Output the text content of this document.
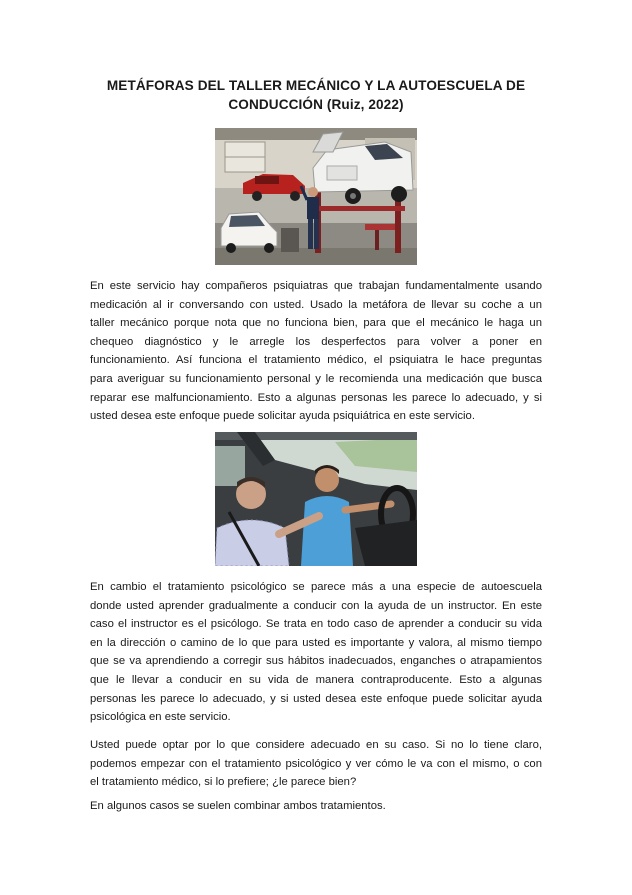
METÁFORAS DEL TALLER MECÁNICO Y LA AUTOESCUELA DE
CONDUCCIÓN (Ruiz, 2022)
En este servicio hay compañeros psiquiatras que trabajan fundamentalmente usando
medicación al ir conversando con usted. Usado la metáfora de llevar su coche a un
taller mecánico porque nota que no funciona bien, para que el mecánico le haga un
chequeo diagnóstico y le arregle los desperfectos para volver a poner en
funcionamiento. Así funciona el tratamiento médico, el psiquiatra le hace preguntas
para averiguar su funcionamiento personal y le recomienda una medicación que busca
reparar ese malfuncionamiento. Esto a algunas personas les parece lo adecuado, y si
usted desea este enfoque puede solicitar ayuda psiquiátrica en este servicio.
En cambio el tratamiento psicológico se parece más a una especie de autoescuela
donde usted aprender gradualmente a conducir con la ayuda de un instructor. En este
caso el instructor es el psicólogo. Se trata en todo caso de aprender a conducir su vida
en la dirección o camino de lo que para usted es importante y valora, al mismo tiempo
que se va aprendiendo a corregir sus hábitos inadecuados, enganches o atrapamientos
que le llevar a conducir en su vida de manera contraproducente. Esto a algunas
personas les parece lo adecuado, y si usted desea este enfoque puede solicitar ayuda
psicológica en este servicio.
Usted puede optar por lo que considere adecuado en su caso. Si no lo tiene claro,
podemos empezar con el tratamiento psicológico y ver cómo le va con el mismo, o con
el tratamiento médico, si lo prefiere; ¿le parece bien?
En algunos casos se suelen combinar ambos tratamientos.
